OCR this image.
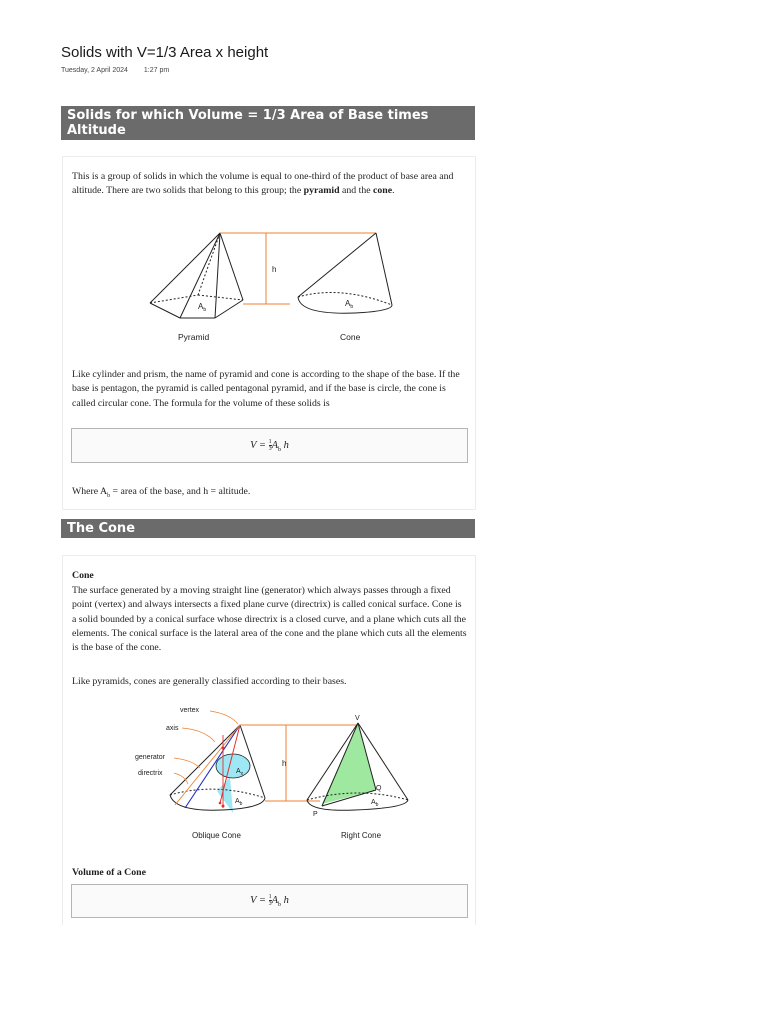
Solids with V=1/3 Area x height
Tuesday, 2 April 2024 1:27 pm
Solids for which Volume = 1/3 Area of Base times Altitude
This is a group of solids in which the volume is equal to one-third of the product of base area and altitude. There are two solids that belong to this group; the pyramid and the cone.
$A_b$
Pyramid
h
$A_b$
Cone
Like cylinder and prism, the name of pyramid and cone is according to the shape of the base. If the base is pentagon, the pyramid is called pentagonal pyramid, and if the base is circle, the cone is called circular cone. The formula for the volume of these solids is
$V = \frac{1}{3} A_b$ h
Where $A_b$ = area of the base, and h = altitude.
The Cone
Cone
The surface generated by a moving straight line (generator) which always passes through a fixed point (vertex) and always intersects a fixed plane curve (directrix) is called conical surface. Cone is a solid bounded by a conical surface whose directrix is a closed curve, and a plane which cuts all the elements. The conical surface is the lateral area of the cone and the plane which cuts all the elements is the base of the cone.
Like pyramids, cones are generally classified according to their bases.
vertex
axis
generator
directrix	$A_x$
$A_b$
Oblique Cone
h
V
Q
P
$A_b$
Right Cone
Volume of a Cone
$V = \frac{1}{3} A_b$ h
